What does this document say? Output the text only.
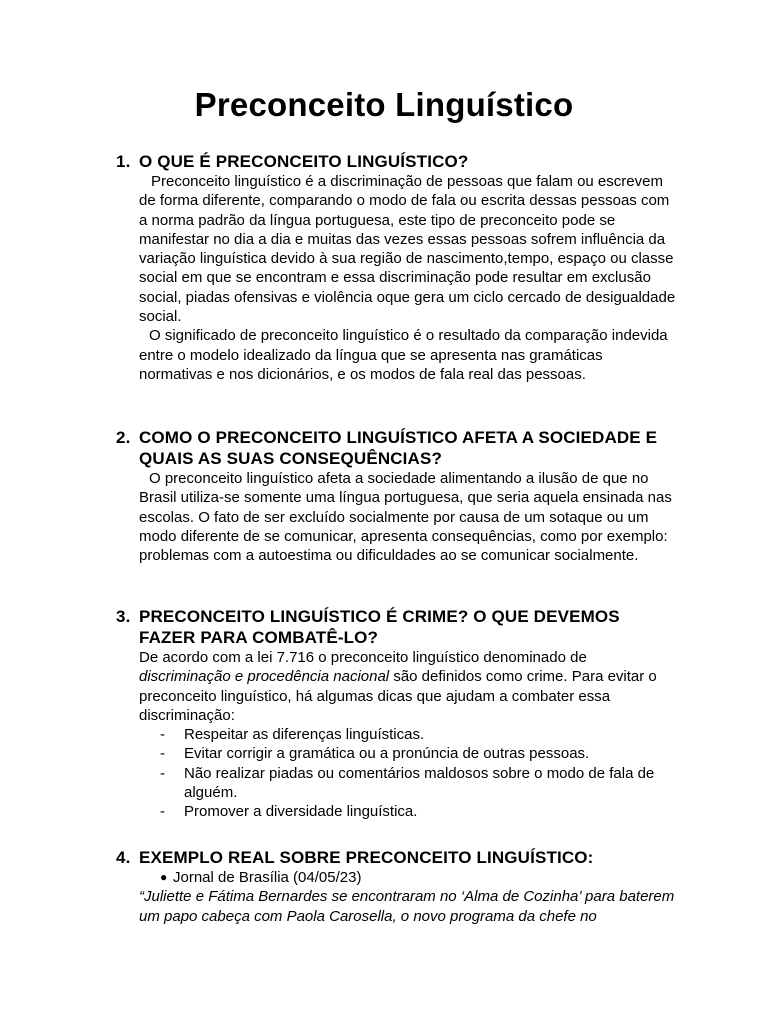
Preconceito Linguístico
1. O QUE É PRECONCEITO LINGUÍSTICO?

Preconceito linguístico é a discriminação de pessoas que falam ou escrevem de forma diferente, comparando o modo de fala ou escrita dessas pessoas com a norma padrão da língua portuguesa, este tipo de preconceito pode se manifestar no dia a dia e muitas das vezes essas pessoas sofrem influência da variação linguística devido à sua região de nascimento,tempo, espaço ou classe social em que se encontram e essa discriminação pode resultar em exclusão social, piadas ofensivas e violência oque gera um ciclo cercado de desigualdade social.

O significado de preconceito linguístico é o resultado da comparação indevida entre o modelo idealizado da língua que se apresenta nas gramáticas normativas e nos dicionários, e os modos de fala real das pessoas.

2. COMO O PRECONCEITO LINGUÍSTICO AFETA A SOCIEDADE E QUAIS AS SUAS CONSEQUÊNCIAS?

O preconceito linguístico afeta a sociedade alimentando a ilusão de que no Brasil utiliza-se somente uma língua portuguesa, que seria aquela ensinada nas escolas. O fato de ser excluído socialmente por causa de um sotaque ou um modo diferente de se comunicar, apresenta consequências, como por exemplo: problemas com a autoestima ou dificuldades ao se comunicar socialmente.

3. PRECONCEITO LINGUÍSTICO É CRIME? O QUE DEVEMOS FAZER PARA COMBATÊ-LO?

De acordo com a lei 7.716 o preconceito linguístico denominado de discriminação e procedência nacional são definidos como crime. Para evitar o preconceito linguístico, há algumas dicas que ajudam a combater essa discriminação:

- Respeitar as diferenças linguísticas.
- Evitar corrigir a gramática ou a pronúncia de outras pessoas.
- Não realizar piadas ou comentários maldosos sobre o modo de fala de alguém.
- Promover a diversidade linguística.
4. EXEMPLO REAL SOBRE PRECONCEITO LINGUÍSTICO:
● Jornal de Brasília (04/05/23)

“Juliette e Fátima Bernardes se encontraram no ‘Alma de Cozinha’ para baterem um papo cabeça com Paola Carosella, o novo programa da chefe no
